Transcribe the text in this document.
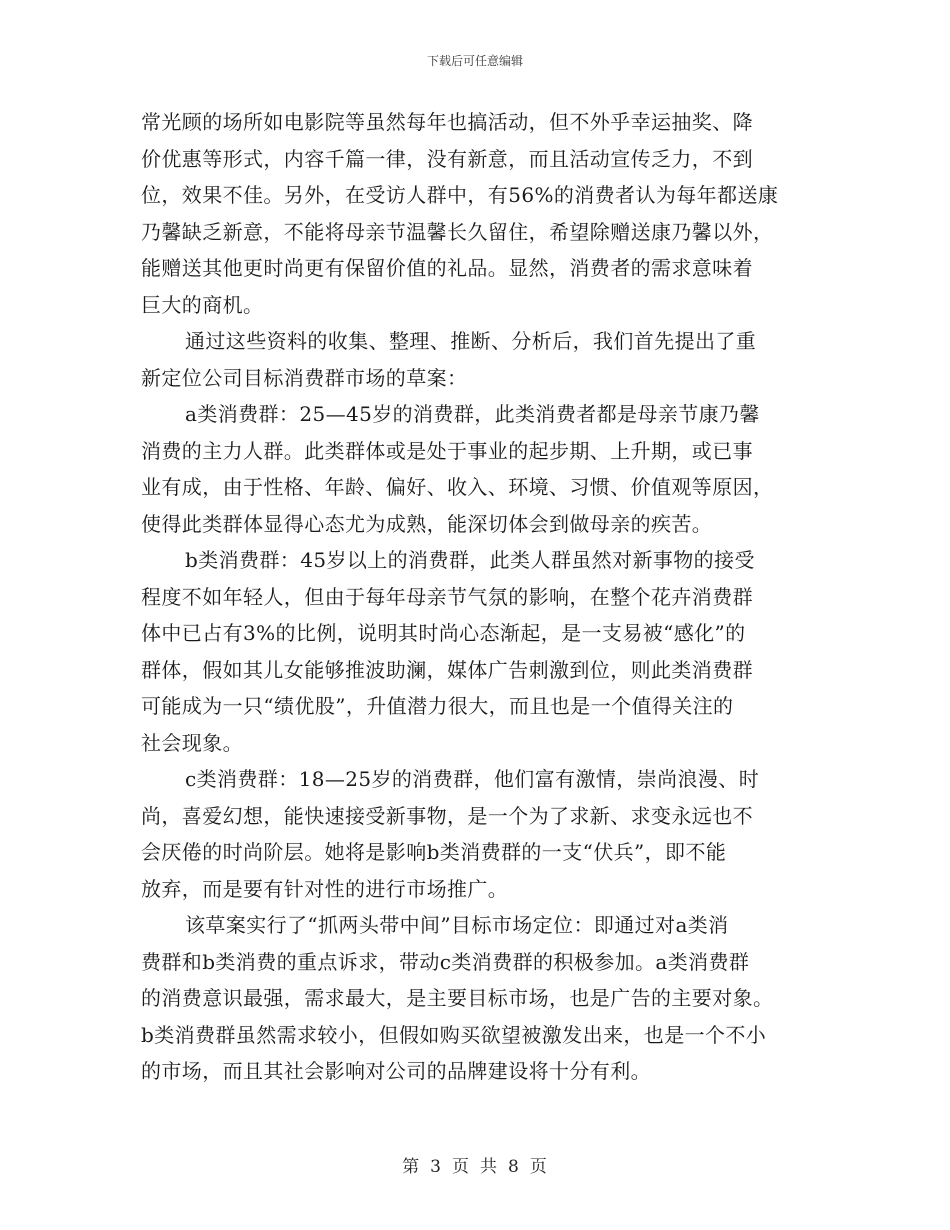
下载后可任意编辑
常光顾的场所如电影院等虽然每年也搞活动，但不外乎幸运抽奖、降
价优惠等形式，内容千篇一律，没有新意，而且活动宣传乏力，不到
位，效果不佳。另外，在受访人群中，有56%的消费者认为每年都送康
乃馨缺乏新意，不能将母亲节温馨长久留住，希望除赠送康乃馨以外，
能赠送其他更时尚更有保留价值的礼品。显然，消费者的需求意味着
巨大的商机。
通过这些资料的收集、整理、推断、分析后，我们首先提出了重
新定位公司目标消费群市场的草案：
a类消费群：25—45岁的消费群，此类消费者都是母亲节康乃馨
消费的主力人群。此类群体或是处于事业的起步期、上升期，或已事
业有成，由于性格、年龄、偏好、收入、环境、习惯、价值观等原因，
使得此类群体显得心态尤为成熟，能深切体会到做母亲的疾苦。
b类消费群：45岁以上的消费群，此类人群虽然对新事物的接受
程度不如年轻人，但由于每年母亲节气氛的影响，在整个花卉消费群
体中已占有3%的比例，说明其时尚心态渐起，是一支易被“感化”的
群体，假如其儿女能够推波助澜，媒体广告刺激到位，则此类消费群
可能成为一只“绩优股”，升值潜力很大，而且也是一个值得关注的
社会现象。
c类消费群：18—25岁的消费群，他们富有激情，崇尚浪漫、时
尚，喜爱幻想，能快速接受新事物，是一个为了求新、求变永远也不
会厌倦的时尚阶层。她将是影响b类消费群的一支“伏兵”，即不能
放弃，而是要有针对性的进行市场推广。
该草案实行了“抓两头带中间”目标市场定位：即通过对a类消
费群和b类消费的重点诉求，带动c类消费群的积极参加。a类消费群
的消费意识最强，需求最大，是主要目标市场，也是广告的主要对象。
b类消费群虽然需求较小，但假如购买欲望被激发出来，也是一个不小
的市场，而且其社会影响对公司的品牌建设将十分有利。
第 3 页 共 8 页
